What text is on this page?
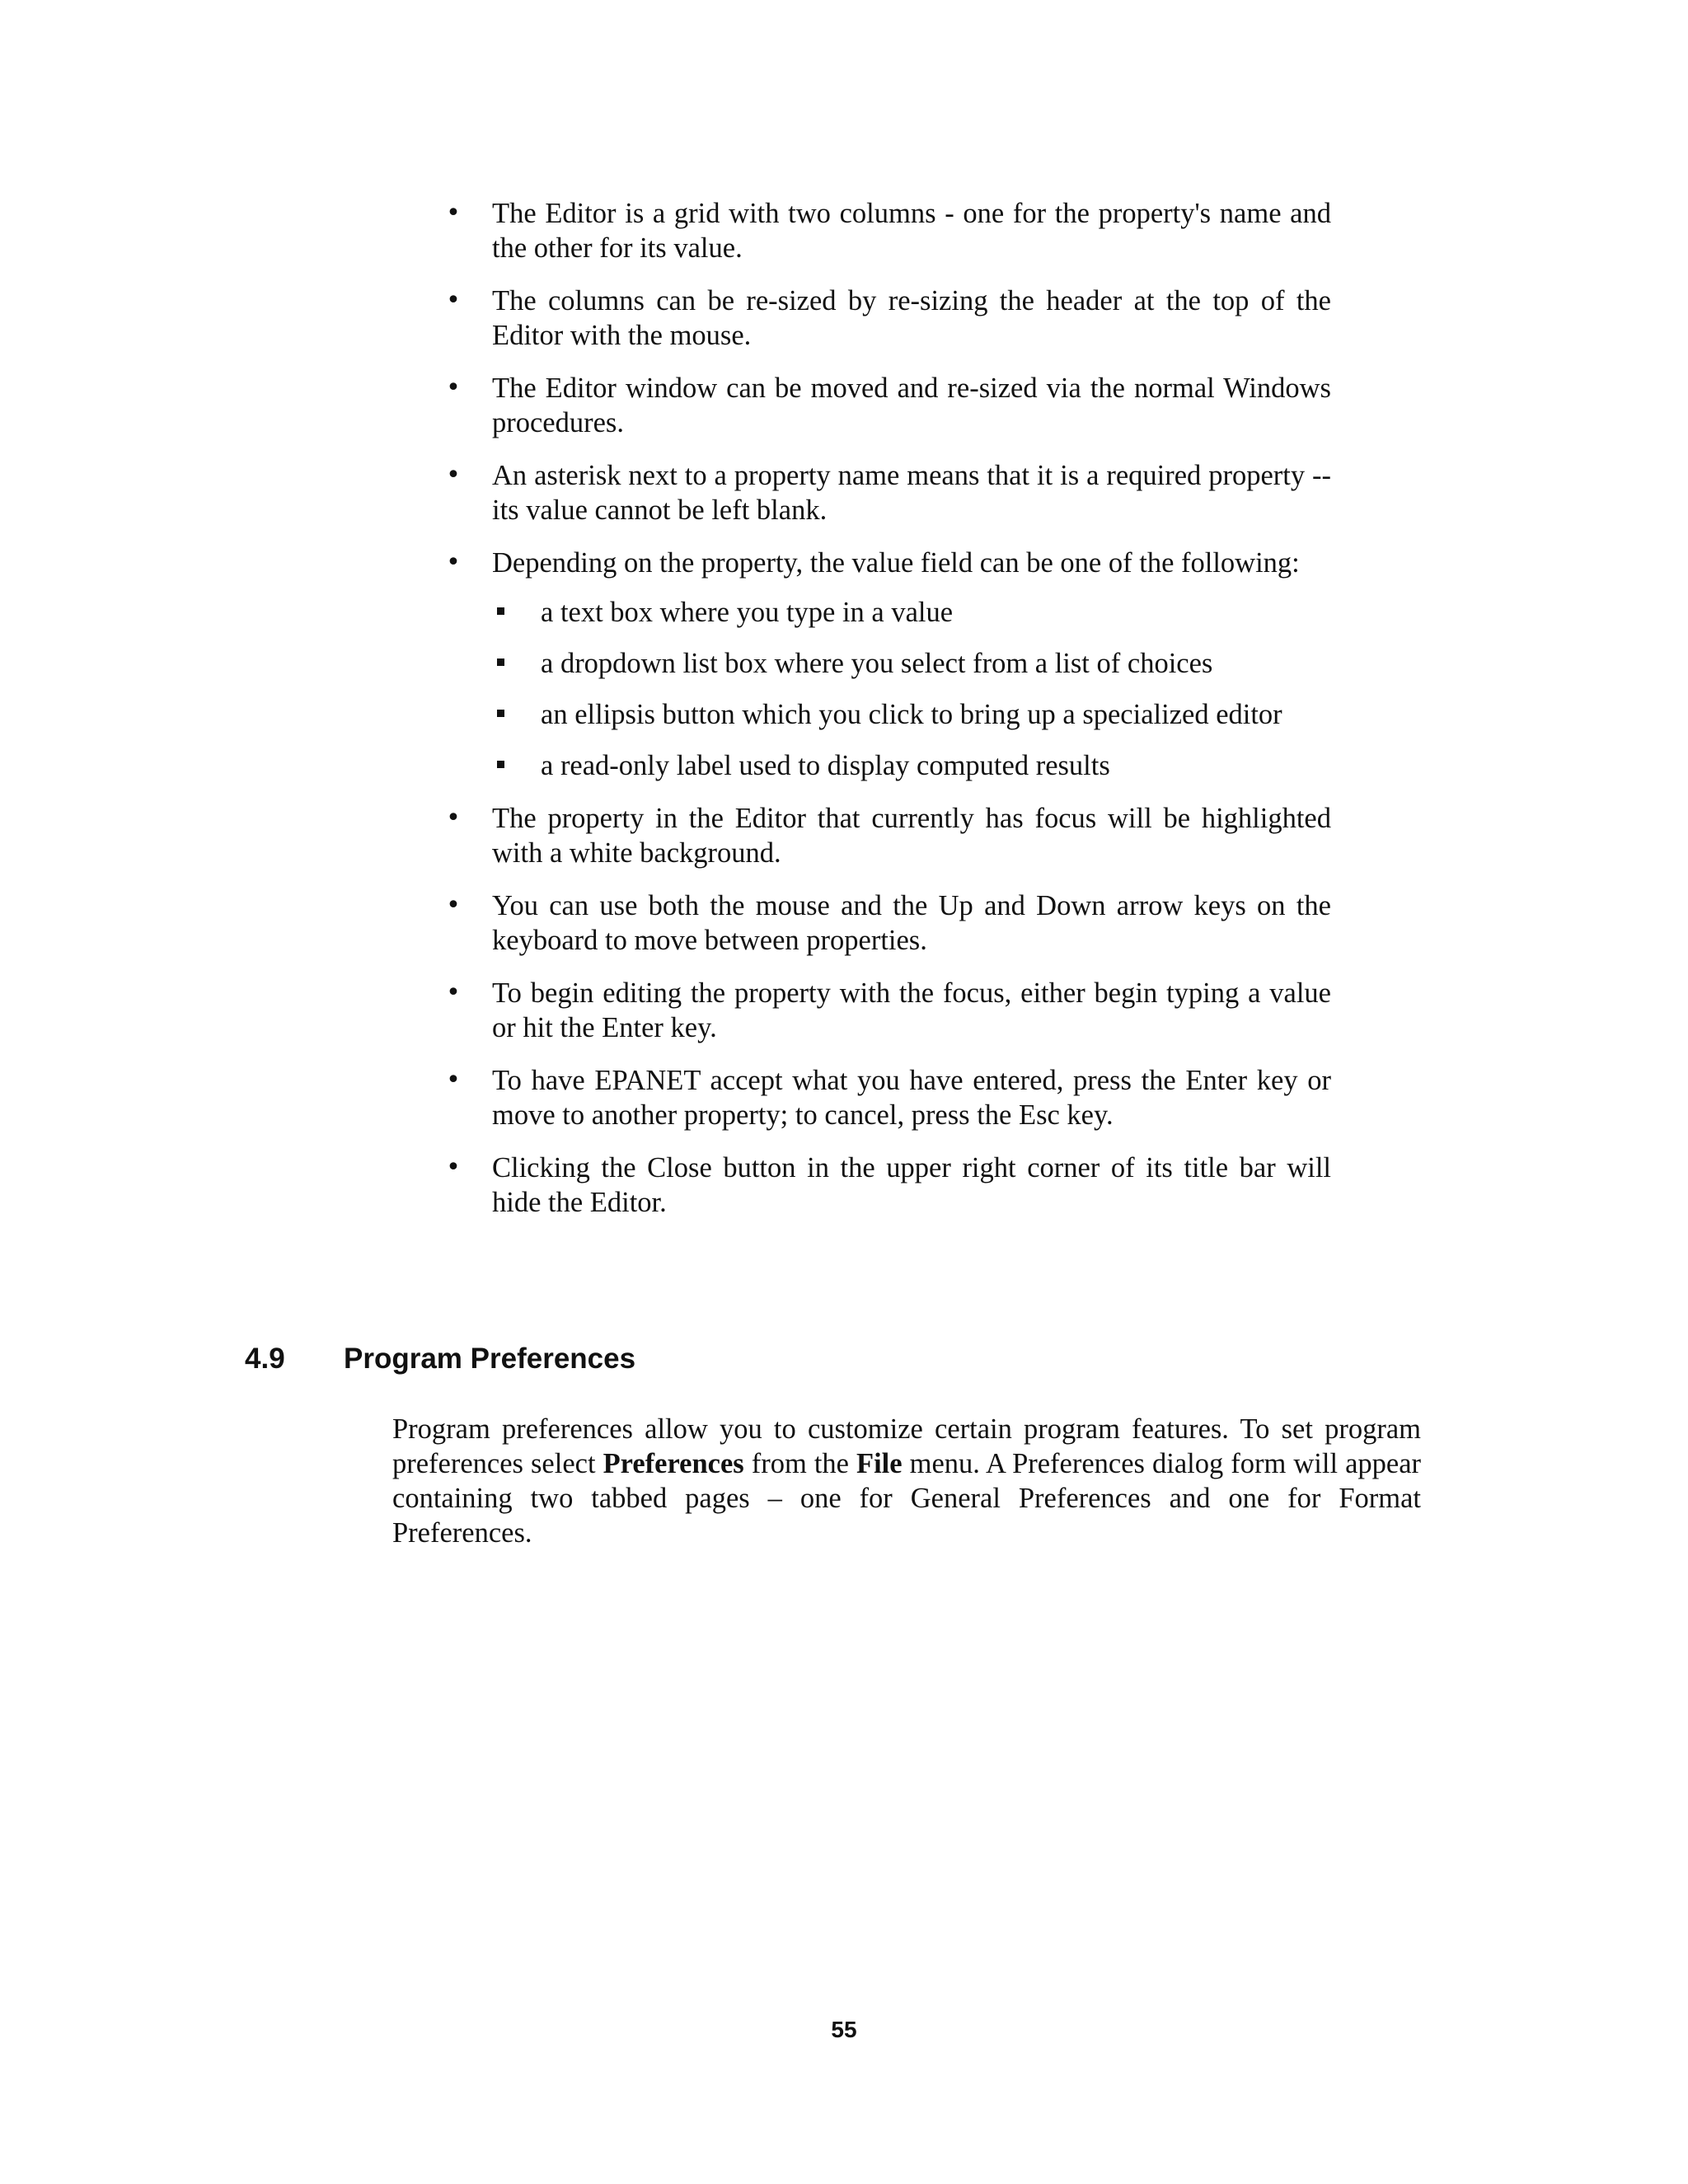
• The Editor is a grid with two columns - one for the property's name and the other for its value.
• The columns can be re-sized by re-sizing the header at the top of the Editor with the mouse.
• The Editor window can be moved and re-sized via the normal Windows procedures.
• An asterisk next to a property name means that it is a required property -- its value cannot be left blank.
• Depending on the property, the value field can be one of the following:
a text box where you type in a value
a dropdown list box where you select from a list of choices
an ellipsis button which you click to bring up a specialized editor
a read-only label used to display computed results
• The property in the Editor that currently has focus will be highlighted with a white background.
• You can use both the mouse and the Up and Down arrow keys on the keyboard to move between properties.
• To begin editing the property with the focus, either begin typing a value or hit the Enter key.
• To have EPANET accept what you have entered, press the Enter key or move to another property; to cancel, press the Esc key.
• Clicking the Close button in the upper right corner of its title bar will hide the Editor.
4.9 Program Preferences

Program preferences allow you to customize certain program features. To set program preferences select Preferences from the File menu. A Preferences dialog form will appear containing two tabbed pages – one for General Preferences and one for Format Preferences.

55
